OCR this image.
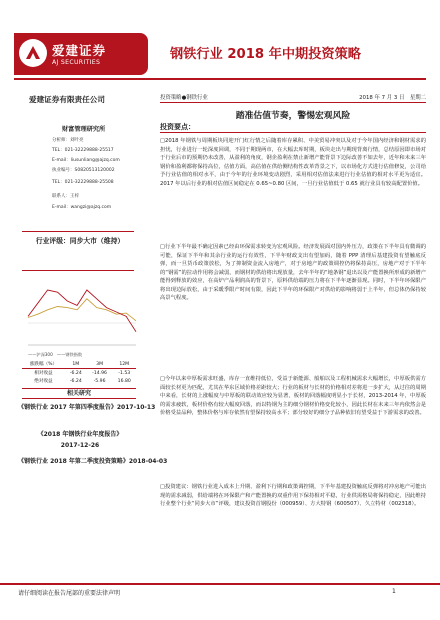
爱建证券
AJ SECURITIES
钢铁行业 2018 年中期投资策略
爱建证券有限责任公司
财富管理研究所
分析师：刘叶亮
TEL：021-32229888-25517
E-mail：liusunliang@ajzq.com
执业编号：S0820513120002
TEL：021-32229888-25508
联系人：王梓
E-mail：wangzi@ajzq.com
行业评级：同步大市（维持）
——沪深300　——钢铁指数
涨跌幅（%）	1M	3M	12M
相对收益	-6.24	-14.96	-1.53
绝对收益	-6.24	-5.96	16.80
相关研究
《钢铁行业 2017 年第四季度报告》2017-10-13
《2018 年钢铁行业年度报告》
2017-12-26
《钢铁行业 2018 年第二季度投资策略》2018-04-03
投资策略●钢铁行业	2018 年 7 月 3 日　星期二
踏准估值节奏，警惕宏观风险
投资要点：
□2018 年钢铁与周期板块同迎开门红行情之后随着库存累积、中美贸易冲突以及对于今年国内经济和钢材需求的担忧，行业进行一轮深度回调，不同于期现两市，在大幅去库时期，板块走出与期现背离行情，总结原因即市场对于行业后市的预期仍未改善，从盈利的角度，钢企盈利在禁止新增产能背景下边际改善不如去年，近年和未来三年钢价和盈利都将保持高位，估值方面，高估值在供给侧结构性改革背景之下，以市场化方式进行估值修复，公司给予行业估值的相对水平，由于今年的行业环境变动剧烈，采用相对估值法来进行行业估值的相对水平更为适宜。2017 年以后行业的相对估值区间稳定在 0.65~0.80 区间，一旦行业估值低于 0.65 就行业具有较高配置价值。
□行业下半年最不确定因素已经由环保需求转变为宏观风险。经济发展面对国内外压力，政策在下半年具有微调的可能，保证下半年和其余行业的运行有效性，下半年财政支出有望加码，随着 PPP 清理后基建投资有望触底反弹，而一旦货币政策放松，为了抑制资金流入房地产，对于房地产的政策调控仍将保持高压，房地产对于下半年的“钢需”的拉动作用将会减弱，而钢材的供给将出现放量，去年半年的“地条钢”退出以及产能置换所形成的新增产能得到释放的效应，在高炉产品利润高的背景下，原料供给端的压力将在下半年逐渐显现。同时，下半年环保限产将出现边际放松，由于采暖季限产时间有限，因此下半年的环保限产对供给的影响将弱于上半年，但总体仍保持较高景气程度。
□今年以来中厚板需求旺盛，库存一直维持低位，受益于新能源、船舶以及工程机械需求大幅增长，中厚板供需方面较长材更为匹配，尤其在华东区域价格差距较大；行业的板材与长材的价格相对差将进一步扩大，从过往的周期中来看，长材的上涨幅度与中厚板的联动效应较为显著，板材的回落幅度明显小于长材，2013-2014 年，中厚板的需求疲软，板材价格有较大幅度回落，而以特钢为主的细分钢材价格变化较小，因此长材在未来三年内依然会是价格受益品种，整体价格与库存依然有望保持较高水平；部分较好的细分子品种依旧有望受益于下游需求的改善。
□投资建议：钢铁行业进入成本上升期、盈利下行期和政策调控期，下半年基建投资触底反弹将对冲房地产可能出现的需求减弱，供给端将在环保限产和产能置换的双重作用下保持相对平稳，行业供需格局将保持稳定，因此维持行业整个行业“同步大市”评级，建议投资首钢股份（000959）、方大特钢（600507）、久立特材（002318）。
请仔细阅读在报告尾部的重要法律声明	1
